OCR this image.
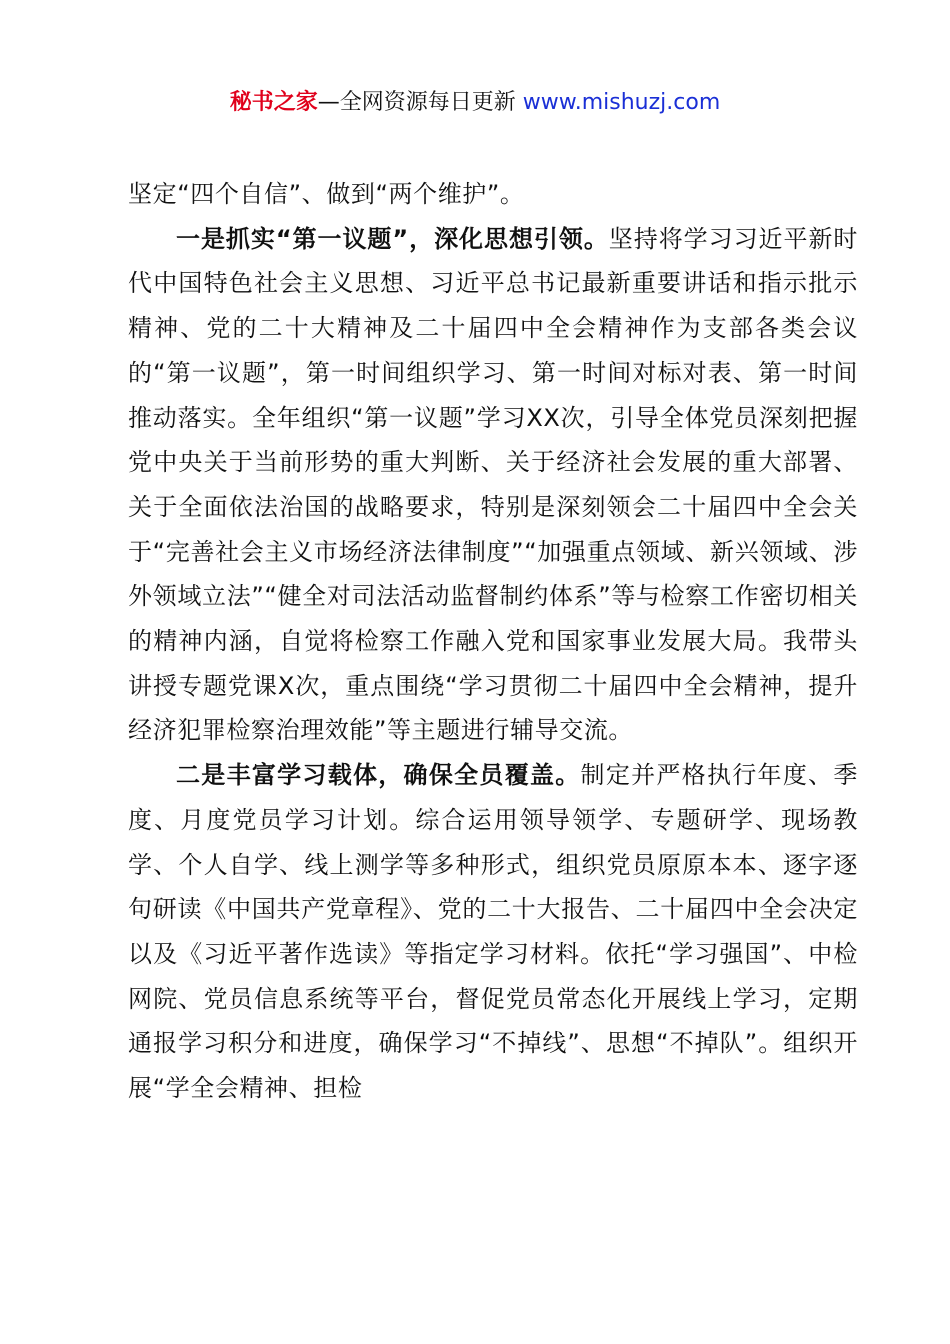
秘书之家—全网资源每日更新 www.mishuzj.com

坚定“四个自信”、做到“两个维护”。

一是抓实“第一议题”，深化思想引领。坚持将学习习近平新时代中国特色社会主义思想、习近平总书记最新重要讲话和指示批示精神、党的二十大精神及二十届四中全会精神作为支部各类会议的“第一议题”，第一时间组织学习、第一时间对标对表、第一时间推动落实。全年组织“第一议题”学习XX次，引导全体党员深刻把握党中央关于当前形势的重大判断、关于经济社会发展的重大部署、关于全面依法治国的战略要求，特别是深刻领会二十届四中全会关于“完善社会主义市场经济法律制度”“加强重点领域、新兴领域、涉外领域立法”“健全对司法活动监督制约体系”等与检察工作密切相关的精神内涵，自觉将检察工作融入党和国家事业发展大局。我带头讲授专题党课X次，重点围绕“学习贯彻二十届四中全会精神，提升经济犯罪检察治理效能”等主题进行辅导交流。

二是丰富学习载体，确保全员覆盖。制定并严格执行年度、季度、月度党员学习计划。综合运用领导领学、专题研学、现场教学、个人自学、线上测学等多种形式，组织党员原原本本、逐字逐句研读《中国共产党章程》、党的二十大报告、二十届四中全会决定以及《习近平著作选读》等指定学习材料。依托“学习强国”、中检网院、党员信息系统等平台，督促党员常态化开展线上学习，定期通报学习积分和进度，确保学习“不掉线”、思想“不掉队”。组织开展“学全会精神、担检
